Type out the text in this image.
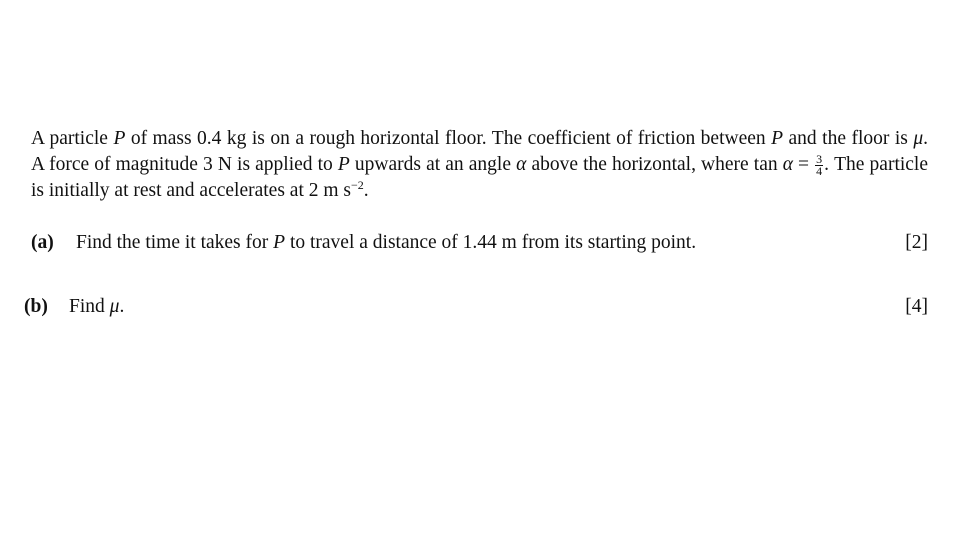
A particle P of mass 0.4 kg is on a rough horizontal floor. The coefficient of friction between P and the floor is μ. A force of magnitude 3 N is applied to P upwards at an angle α above the horizontal, where $\tan \alpha = \frac{3}{4}$ . The particle is initially at rest and accelerates at 2 m $s^{-2}$.

(a) Find the time it takes for P to travel a distance of 1.44 m from its starting point.	[2]
(b) Find μ.	[4]
